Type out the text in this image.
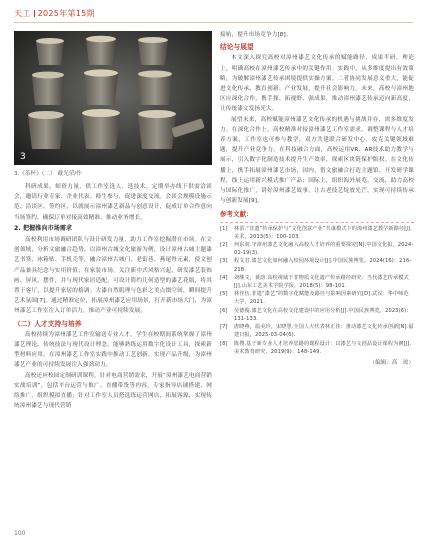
天工 2025年第15期
3
3.《茶杯》（二） 戴光荣/作

科研成果、师资力量、供工作室选人、选技术。定期举办线下供需洽谈会，邀请行业专家、企业代表、师生参与，促进深度交流。会谈会规模设施示范、沿谈区、签约区，以就展示漳州漆艺新品与创意设计，促成订单合作意向当场签约，确保订单对接高效精准、推动业务增长。

2. 把握推向市场需求

高校利用市场调研团队与设计研发力量，助力工作室挖掘潜在市场。在文创领域，分析文旅融合趋势，以漳州古城文化旅游为例，设计漳州古城主题漆艺书签、冰箱贴、手机壳等，融合漳州古城门、老街巷、燕尾脊元素，使文创产品兼具纪念与实用价值；在家装市场，关注新中式风格兴起，研发漆艺装饰画、屏风、摆件，并与现代家居适配，可设计简约几何造型的漆艺花瓶，将其置于客厅，以提升家居的格调；大漆自然肌理与色彩之美点缀空间，瞬间提升艺术氛围[7]。通过精准定位，拓展漳州漆艺应用场景，打开新市场大门，为漳州漆艺工作室注入订单活力，推动产业可持续发展。

（二）人才支持与培养

高校持续为漳州漆艺工作室输送专业人才。学生在校期间系统掌握了漳州漆艺理论、传统技法与现代设计理念，能够熟练运用数字化设计工具，探索新型材料应用。在漳州漆艺工作室实践中推动工艺创新，实现产品升级，为漳州漆艺产业的可持续发展注入强劲动力。

高校还应校园定制研训课程，针对电商营销需求，开展“漳州漆艺电商营销实战培训”，包括平台运营与推广、直播带货等内容，专家指导店铺搭建、网络推广、组织模拟直播；针对工作室人员搭选练运营网店，拓展客源，实现传统漳州漆艺与现代营销

接轨，提升市场竞争力[8]。

结论与展望

本文深入探究高校对漳州漆艺文化传承的赋能路径、成果半研。理论上，明确高校在漳州漆艺传承中的关键作用：实践中，从多维度提出有效策略，为破解漳州漆艺传承困境提供实操方案。二者协同发展意义重大，能促进文化传承、教育创新、产业发展，提升社会影响力。未来，高校与漳州地区应深化合作，携手探、拓视野、强成果，推动漳州漆艺传承迈向新高度，让传统漆文发扬光大。

展望未来，高校赋能漳州漆艺文化传承的机遇与挑战并存，需多维度发力。在深化合作上，高校精准对接漳州漆艺工作室需求，调整课程与人才培养方案，工作室也可参与教学，双方共建联合研发中心，攻克关键领域难题，提升产业竞争力。在科技融合方面，高校运用VR、AR技术助力教学与展示，引入数字化制造技术提升生产效率，探索区块链保护版权。在文化传播上，携手拓展漳州漆艺市场，国内，借文旅融合打造主题馆、开发研学课程，线上运用新兴模式推广产品；国际上，组织海外展览、交流，助力高校与国际化推广，讲好漳州漆艺故事，让古老技艺绽放光芒，实现可持续传承与创新发展[9]。

参考文献：
[1]	林滔.“非遗”传承保护与“文化创意产业”共谋模式下的漳州漆艺教学新路径[J].美术，2013(5)：100-103.
[2]	何东润.守漳州漆艺文化融入高校人才培养的重要探究[N].中国文化报，2024-01-19(3).
[3]	程文君.漆艺文化如何融入校园环境设计[J].中国民族博览，2024(16)：216-218.
[4]	刘继文，黄韵.高校视域下非物质文化遗产传承路径研究：当代漆艺传承模式[J].山东工艺美术学院学报，2018(5)：98-101.
[5]	林佳伍.非遗“漆艺”的数字化赋能及路径与影响因素研究[D].武汉：华中师范大学，2021.
[6]	吴德俊.漆艺文化在高校文化建设中的应用分析[J].中国民族博览，2023(6)：131-133.
[7]	唐晓燕，温美玲，宋晓慧.全国人大代表林正佳：推动漆艺文化传承创新[N].福建日报，2025-03-04(6).
[8]	陈搜.基于新专业人才培养思路的课程设计：以漆艺与文创品设计课程为例[J].美术教育研究，2019(9)：148-149.
（编辑：高　琼）
100
